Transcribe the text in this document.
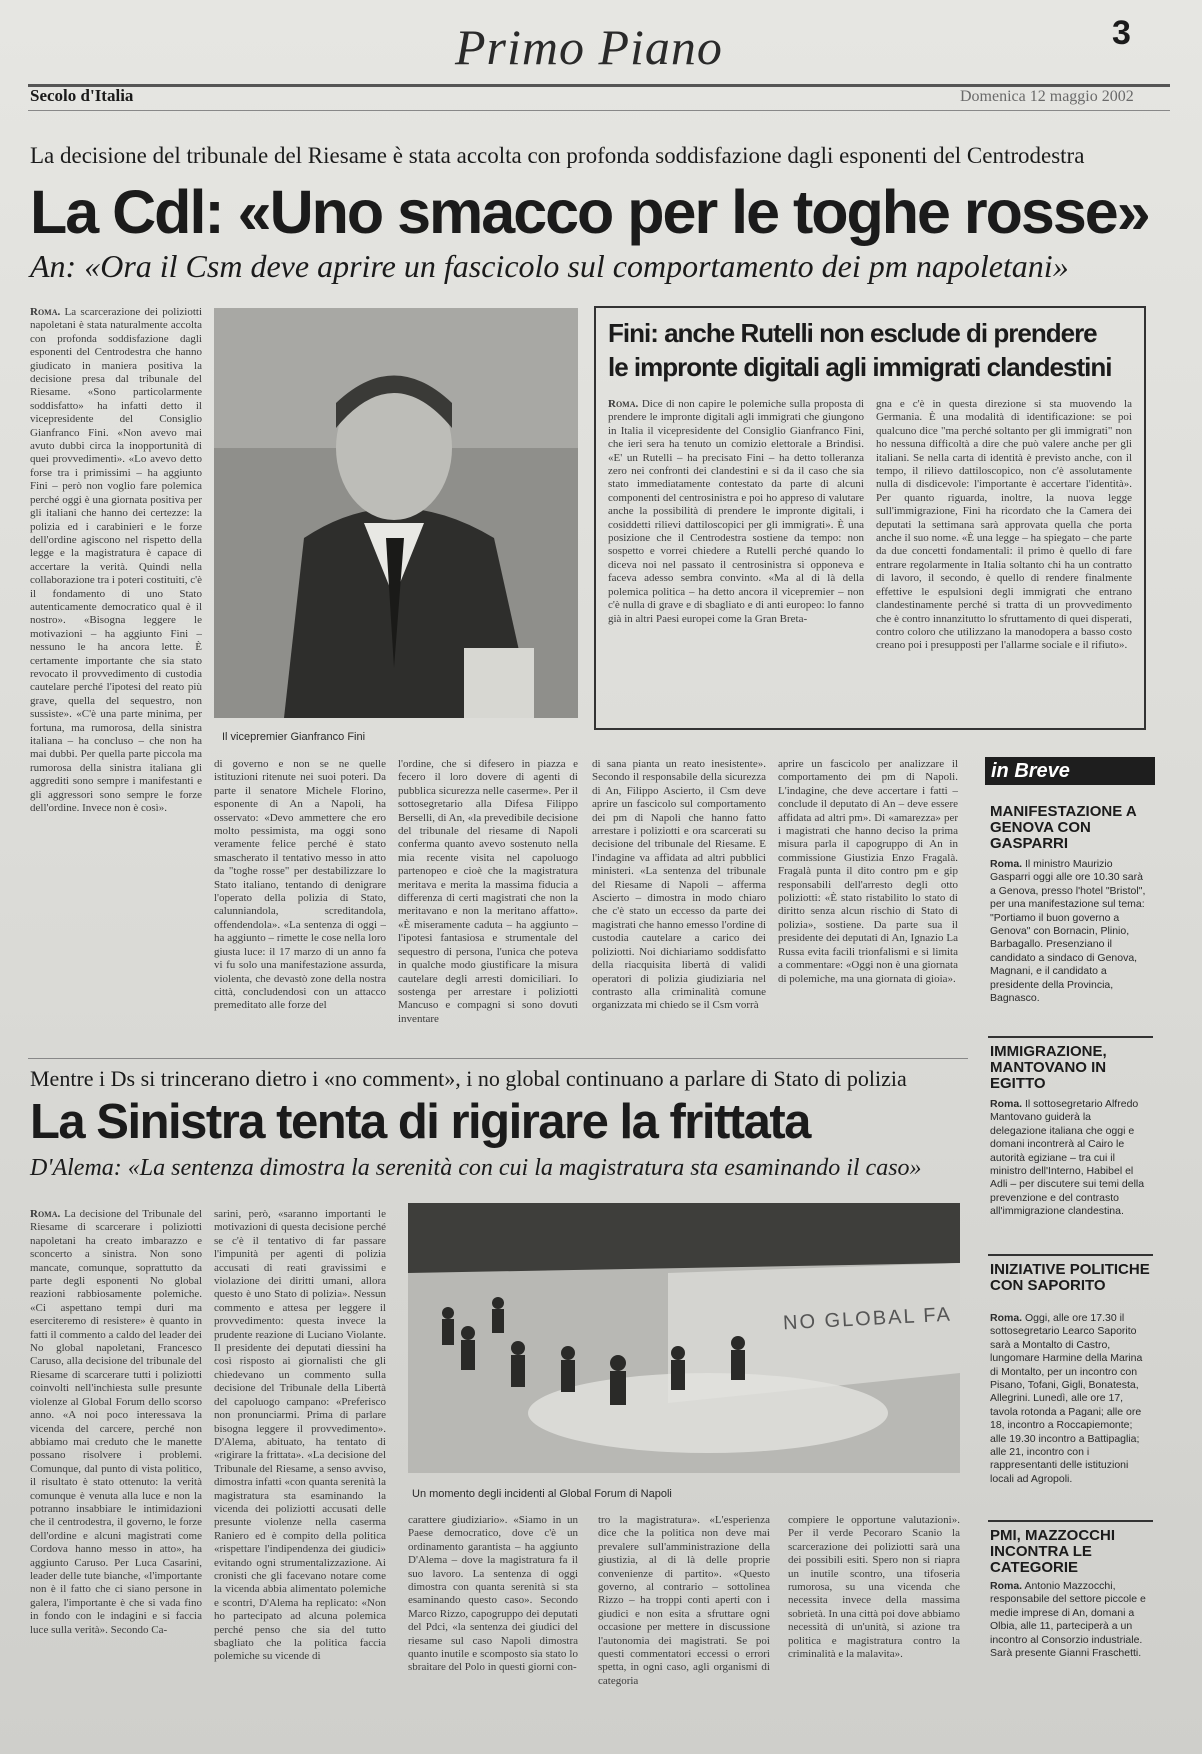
Primo Piano	3
Secolo d'Italia	Domenica 12 maggio 2002
La decisione del tribunale del Riesame è stata accolta con profonda soddisfazione dagli esponenti del Centrodestra
La Cdl: «Uno smacco per le toghe rosse»
An: «Ora il Csm deve aprire un fascicolo sul comportamento dei pm napoletani»
Roma. La scarcerazione dei poliziotti napoletani è stata naturalmente accolta con profonda soddisfazione dagli esponenti del Centrodestra che hanno giudicato in maniera positiva la decisione presa dal tribunale del Riesame. «Sono particolarmente soddisfatto» ha infatti detto il vicepresidente del Consiglio Gianfranco Fini. «Non avevo mai avuto dubbi circa la inopportunità di quei provvedimenti». «Lo avevo detto forse tra i primissimi – ha aggiunto Fini – però non voglio fare polemica perché oggi è una giornata positiva per gli italiani che hanno dei certezze: la polizia ed i carabinieri e le forze dell'ordine agiscono nel rispetto della legge e la magistratura è capace di accertare la verità. Quindi nella collaborazione tra i poteri costituiti, c'è il fondamento di uno Stato autenticamente democratico qual è il nostro». «Bisogna leggere le motivazioni – ha aggiunto Fini – nessuno le ha ancora lette. È certamente importante che sia stato revocato il provvedimento di custodia cautelare perché l'ipotesi del reato più grave, quella del sequestro, non sussiste». «C'è una parte minima, per fortuna, ma rumorosa, della sinistra italiana – ha concluso – che non ha mai dubbi. Per quella parte piccola ma rumorosa della sinistra italiana gli aggrediti sono sempre i manifestanti e gli aggressori sono sempre le forze dell'ordine. Invece non è così».
Il vicepremier Gianfranco Fini
Fini: anche Rutelli non esclude di prendere
le impronte digitali agli immigrati clandestini
Roma. Dice di non capire le polemiche sulla proposta di prendere le impronte digitali agli immigrati che giungono in Italia il vicepresidente del Consiglio Gianfranco Fini, che ieri sera ha tenuto un comizio elettorale a Brindisi. «E' un Rutelli – ha precisato Fini – ha detto tolleranza zero nei confronti dei clandestini e si da il caso che sia stato immediatamente contestato da parte di alcuni componenti del centrosinistra e poi ho appreso di valutare anche la possibilità di prendere le impronte digitali, i cosiddetti rilievi dattiloscopici per gli immigrati». È una posizione che il Centrodestra sostiene da tempo: non sospetto e vorrei chiedere a Rutelli perché quando lo diceva noi nel passato il centrosinistra si opponeva e faceva adesso sembra convinto. «Ma al di là della polemica politica – ha detto ancora il vicepremier – non c'è nulla di grave e di sbagliato e di anti europeo: lo fanno già in altri Paesi europei come la Gran Breta-
gna e c'è in questa direzione si sta muovendo la Germania. È una modalità di identificazione: se poi qualcuno dice "ma perché soltanto per gli immigrati" non ho nessuna difficoltà a dire che può valere anche per gli italiani. Se nella carta di identità è previsto anche, con il tempo, il rilievo dattiloscopico, non c'è assolutamente nulla di disdicevole: l'importante è accertare l'identità». Per quanto riguarda, inoltre, la nuova legge sull'immigrazione, Fini ha ricordato che la Camera dei deputati la settimana sarà approvata quella che porta anche il suo nome. «È una legge – ha spiegato – che parte da due concetti fondamentali: il primo è quello di fare entrare regolarmente in Italia soltanto chi ha un contratto di lavoro, il secondo, è quello di rendere finalmente effettive le espulsioni degli immigrati che entrano clandestinamente perché si tratta di un provvedimento che è contro innanzitutto lo sfruttamento di quei disperati, contro coloro che utilizzano la manodopera a basso costo creano poi i presupposti per l'allarme sociale e il rifiuto».
di governo e non se ne quelle istituzioni ritenute nei suoi poteri. Da parte il senatore Michele Florino, esponente di An a Napoli, ha osservato: «Devo ammettere che ero molto pessimista, ma oggi sono veramente felice perché è stato smascherato il tentativo messo in atto da "toghe rosse" per destabilizzare lo Stato italiano, tentando di denigrare l'operato della polizia di Stato, calunniandola, screditandola, offendendola». «La sentenza di oggi – ha aggiunto – rimette le cose nella loro giusta luce: il 17 marzo di un anno fa vi fu solo una manifestazione assurda, violenta, che devastò zone della nostra città, concludendosi con un attacco premeditato alle forze del
l'ordine, che si difesero in piazza e fecero il loro dovere di agenti di pubblica sicurezza nelle caserme». Per il sottosegretario alla Difesa Filippo Berselli, di An, «la prevedibile decisione del tribunale del riesame di Napoli conferma quanto avevo sostenuto nella mia recente visita nel capoluogo partenopeo e cioè che la magistratura meritava e merita la massima fiducia a differenza di certi magistrati che non la meritavano e non la meritano affatto». «È miseramente caduta – ha aggiunto – l'ipotesi fantasiosa e strumentale del sequestro di persona, l'unica che poteva in qualche modo giustificare la misura cautelare degli arresti domiciliari. Io sostenga per arrestare i poliziotti Mancuso e compagni si sono dovuti inventare
di sana pianta un reato inesistente». Secondo il responsabile della sicurezza di An, Filippo Ascierto, il Csm deve aprire un fascicolo sul comportamento dei pm di Napoli che hanno fatto arrestare i poliziotti e ora scarcerati su decisione del tribunale del Riesame. E l'indagine va affidata ad altri pubblici ministeri. «La sentenza del tribunale del Riesame di Napoli – afferma Ascierto – dimostra in modo chiaro che c'è stato un eccesso da parte dei magistrati che hanno emesso l'ordine di custodia cautelare a carico dei poliziotti. Noi dichiariamo soddisfatto della riacquisita libertà di validi operatori di polizia giudiziaria nel contrasto alla criminalità comune organizzata mi chiedo se il Csm vorrà
aprire un fascicolo per analizzare il comportamento dei pm di Napoli. L'indagine, che deve accertare i fatti – conclude il deputato di An – deve essere affidata ad altri pm». Di «amarezza» per i magistrati che hanno deciso la prima misura parla il capogruppo di An in commissione Giustizia Enzo Fragalà. Fragalà punta il dito contro pm e gip responsabili dell'arresto degli otto poliziotti: «È stato ristabilito lo stato di diritto senza alcun rischio di Stato di polizia», sostiene. Da parte sua il presidente dei deputati di An, Ignazio La Russa evita facili trionfalismi e si limita a commentare: «Oggi non è una giornata di polemiche, ma una giornata di gioia».
in Breve
MANIFESTAZIONE A GENOVA CON GASPARRI
Roma. Il ministro Maurizio Gasparri oggi alle ore 10.30 sarà a Genova, presso l'hotel "Bristol", per una manifestazione sul tema: "Portiamo il buon governo a Genova" con Bornacin, Plinio, Barbagallo. Presenziano il candidato a sindaco di Genova, Magnani, e il candidato a presidente della Provincia, Bagnasco.
IMMIGRAZIONE, MANTOVANO IN EGITTO
Roma. Il sottosegretario Alfredo Mantovano guiderà la delegazione italiana che oggi e domani incontrerà al Cairo le autorità egiziane – tra cui il ministro dell'Interno, Habibel el Adli – per discutere sui temi della prevenzione e del contrasto all'immigrazione clandestina.
INIZIATIVE POLITICHE CON SAPORITO
Roma. Oggi, alle ore 17.30 il sottosegretario Learco Saporito sarà a Montalto di Castro, lungomare Harmine della Marina di Montalto, per un incontro con Pisano, Tofani, Gigli, Bonatesta, Allegrini. Lunedì, alle ore 17, tavola rotonda a Pagani; alle ore 18, incontro a Roccapiemonte; alle 19.30 incontro a Battipaglia; alle 21, incontro con i rappresentanti delle istituzioni locali ad Agropoli.
PMI, MAZZOCCHI INCONTRA LE CATEGORIE
Roma. Antonio Mazzocchi, responsabile del settore piccole e medie imprese di An, domani a Olbia, alle 11, parteciperà a un incontro al Consorzio industriale. Sarà presente Gianni Fraschetti.
Mentre i Ds si trincerano dietro i «no comment», i no global continuano a parlare di Stato di polizia
La Sinistra tenta di rigirare la frittata
D'Alema: «La sentenza dimostra la serenità con cui la magistratura sta esaminando il caso»
Roma. La decisione del Tribunale del Riesame di scarcerare i poliziotti napoletani ha creato imbarazzo e sconcerto a sinistra. Non sono mancate, comunque, soprattutto da parte degli esponenti No global reazioni rabbiosamente polemiche. «Ci aspettano tempi duri ma eserciteremo di resistere» è quanto in fatti il commento a caldo del leader dei No global napoletani, Francesco Caruso, alla decisione del tribunale del Riesame di scarcerare tutti i poliziotti coinvolti nell'inchiesta sulle presunte violenze al Global Forum dello scorso anno. «A noi poco interessava la vicenda del carcere, perché non abbiamo mai creduto che le manette possano risolvere i problemi. Comunque, dal punto di vista politico, il risultato è stato ottenuto: la verità comunque è venuta alla luce e non la potranno insabbiare le intimidazioni che il centrodestra, il governo, le forze dell'ordine e alcuni magistrati come Cordova hanno messo in atto», ha aggiunto Caruso. Per Luca Casarini, leader delle tute bianche, «l'importante non è il fatto che ci siano persone in galera, l'importante è che si vada fino in fondo con le indagini e si faccia luce sulla verità». Secondo Ca-
sarini, però, «saranno importanti le motivazioni di questa decisione perché se c'è il tentativo di far passare l'impunità per agenti di polizia accusati di reati gravissimi e violazione dei diritti umani, allora questo è uno Stato di polizia». Nessun commento e attesa per leggere il provvedimento: questa invece la prudente reazione di Luciano Violante. Il presidente dei deputati diessini ha così risposto ai giornalisti che gli chiedevano un commento sulla decisione del Tribunale della Libertà del capoluogo campano: «Preferisco non pronunciarmi. Prima di parlare bisogna leggere il provvedimento». D'Alema, abituato, ha tentato di «rigirare la frittata». «La decisione del Tribunale del Riesame, a senso avviso, dimostra infatti «con quanta serenità la magistratura sta esaminando la vicenda dei poliziotti accusati delle presunte violenze nella caserma Raniero ed è compito della politica «rispettare l'indipendenza dei giudici» evitando ogni strumentalizzazione. Ai cronisti che gli facevano notare come la vicenda abbia alimentato polemiche e scontri, D'Alema ha replicato: «Non ho partecipato ad alcuna polemica perché penso che sia del tutto sbagliato che la politica faccia polemiche su vicende di
NO GLOBAL FA
Un momento degli incidenti al Global Forum di Napoli
carattere giudiziario». «Siamo in un Paese democratico, dove c'è un ordinamento garantista – ha aggiunto D'Alema – dove la magistratura fa il suo lavoro. La sentenza di oggi dimostra con quanta serenità si sta esaminando questo caso». Secondo Marco Rizzo, capogruppo dei deputati del Pdci, «la sentenza dei giudici del riesame sul caso Napoli dimostra quanto inutile e scomposto sia stato lo sbraitare del Polo in questi giorni con-
tro la magistratura». «L'esperienza dice che la politica non deve mai prevalere sull'amministrazione della giustizia, al di là delle proprie convenienze di partito». «Questo governo, al contrario – sottolinea Rizzo – ha troppi conti aperti con i giudici e non esita a sfruttare ogni occasione per mettere in discussione l'autonomia dei magistrati. Se poi questi commentatori eccessi o errori spetta, in ogni caso, agli organismi di categoria
compiere le opportune valutazioni». Per il verde Pecoraro Scanio la scarcerazione dei poliziotti sarà una dei possibili esiti. Spero non si riapra un inutile scontro, una tifoseria rumorosa, su una vicenda che necessita invece della massima sobrietà. In una città poi dove abbiamo necessità di un'unità, si azione tra politica e magistratura contro la criminalità e la malavita».
